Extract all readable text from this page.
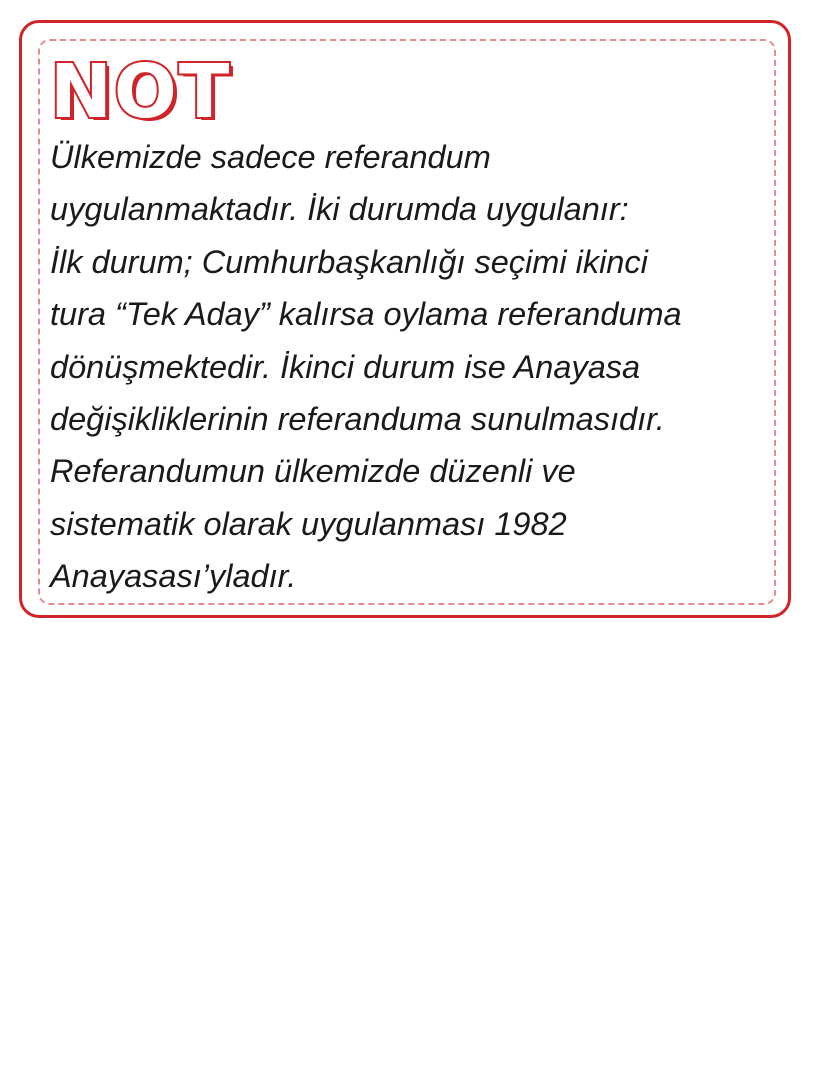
NOT

Ülkemizde sadece referandum
uygulanmaktadır. İki durumda uygulanır:
İlk durum; Cumhurbaşkanlığı seçimi ikinci
tura “Tek Aday” kalırsa oylama referanduma
dönüşmektedir. İkinci durum ise Anayasa
değişikliklerinin referanduma sunulmasıdır.
Referandumun ülkemizde düzenli ve
sistematik olarak uygulanması 1982
Anayasası’yladır.
